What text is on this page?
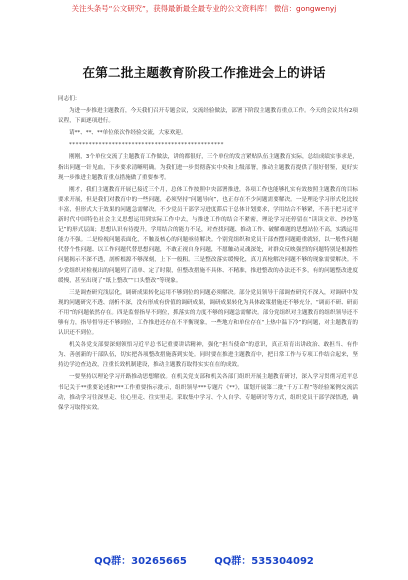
关注头条号“公文研究”，获得最新最全最专业的公文资料库！ 微信：gongwenyj
在第二批主题教育阶段工作推进会上的讲话

同志们：

为进一步推进主题教育，今天我们召开专题会议，交流经验做法，部署下阶段主题教育重点工作。今天的会议共有2项议程，下面逐项进行。

请**、**、**单位依次作经验交流，大家欢迎。

***********************************************

刚刚，3个单位交流了主题教育工作做法，讲的都很好，三个单位的发言紧贴队伍主题教育实际，总结成绩实事求是，指出问题一针见血，下步要求清晰明确。为我们进一步贯彻落实中央和上级部署，推动主题教育提供了很好借鉴，更好实现一步推进主题教育重点措施做了重要参考。

刚才，我们主题教育开展已接近三个月，总体工作按照中央部署推进，各项工作也能够扎实有效按照主题教育的目标要求开展，但是我们对教育中的一些问题，必须坚持“问题导向”，也正存在不少问题需要解决。一是理论学习形式化比较丰富，但形式大于效果的问题急需解决。不少党员干部学习进度滞后于总体计划要求，学用结合不够紧，不善于把习近平新时代中国特色社会主义思想运用到实际工作中去，与推进工作的结合不紧密，理论学习还停留在“读读文章、抄抄笔记”的形式层面；思想认识有待提升，学用结合的能力不足，对查找问题、推动工作、破解难题的思想站位不高，实践运用能力不强。二是检视问题表面化，不触及核心的问题亟待解决。个别党组织和党员干部查摆问题避重就轻，以一般性问题代替个性问题、以工作问题代替思想问题，不敢正视自身问题，不愿触动灵魂深处，对群众反映强烈的问题特别是根源性问题揭示不深不透，剖析根源不够深刻，上下一般粗。三是整改落实缓慢化，真刀真枪解决问题不够的现象需要解决。不少党组织对检视出的问题列了清单、定了时限，但整改措施不具体、不精准，推进整改的办法还不多，有的问题整改进度缓慢，甚至出现了“纸上整改”“口头整改”等现象。

三是调查研究浅层化，调研成果转化运用不够到位的问题必须解决。部分党员领导干部调查研究不深入，对调研中发现的问题研究不透、剖析不深，没有形成有价值的调研成果，调研成果转化为具体政策措施还不够充分，“调而不研、研而不用”的问题依然存在。四是监督指导不到位，抓落实的力度不够的问题急需解决。部分党组织对主题教育的组织领导还不够有力，指导督导还不够到位，工作推进还存在不平衡现象，一些地方和单位存在“上热中温下冷”的问题，对主题教育的认识还不到位。

机关各党支部要深刻领悟习近平总书记重要讲话精神，强化“担当使命”的意识，真正培育出讲政治、敢担当、有作为、善创新的干部队伍，切实把各项整改措施落到实处。同时要在推进主题教育中，把日常工作与专项工作结合起来，坚持边学边查边改，注重长效机制建设，推动主题教育取得实实在在的成效。

一要坚持以理论学习开路推动思想解放。在机关党支部和机关各部门组织开展主题教育研讨，深入学习贯彻习近平总书记关于**重要论述和***工作重要指示批示，组织领导***专题片《**》，谋划开展第二批“千万工程”等经验案例交流活动，推动学习往深里走、往心里走、往实里走。采取集中学习、个人自学、专题研讨等方式，组织党员干部学深悟透，确保学习取得实效。

QQ群：30265665	QQ群：535304092
